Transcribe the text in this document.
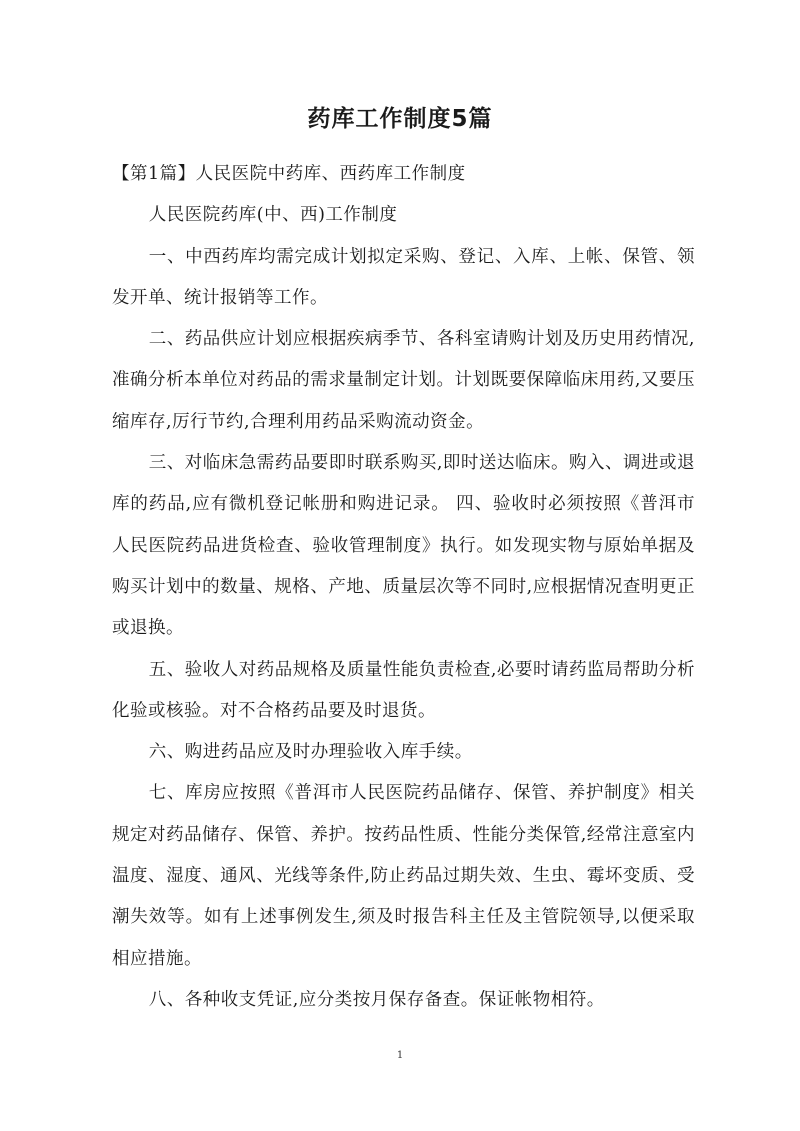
药库工作制度5篇

【第1篇】人民医院中药库、西药库工作制度

人民医院药库(中、西)工作制度

一、中西药库均需完成计划拟定采购、登记、入库、上帐、保管、领发开单、统计报销等工作。

二、药品供应计划应根据疾病季节、各科室请购计划及历史用药情况,准确分析本单位对药品的需求量制定计划。计划既要保障临床用药,又要压缩库存,厉行节约,合理利用药品采购流动资金。

三、对临床急需药品要即时联系购买,即时送达临床。购入、调进或退库的药品,应有微机登记帐册和购进记录。 四、验收时必须按照《普洱市人民医院药品进货检查、验收管理制度》执行。如发现实物与原始单据及购买计划中的数量、规格、产地、质量层次等不同时,应根据情况查明更正或退换。

五、验收人对药品规格及质量性能负责检查,必要时请药监局帮助分析化验或核验。对不合格药品要及时退货。

六、购进药品应及时办理验收入库手续。

七、库房应按照《普洱市人民医院药品储存、保管、养护制度》相关规定对药品储存、保管、养护。按药品性质、性能分类保管,经常注意室内温度、湿度、通风、光线等条件,防止药品过期失效、生虫、霉坏变质、受潮失效等。如有上述事例发生,须及时报告科主任及主管院领导,以便采取相应措施。

八、各种收支凭证,应分类按月保存备查。保证帐物相符。

1
